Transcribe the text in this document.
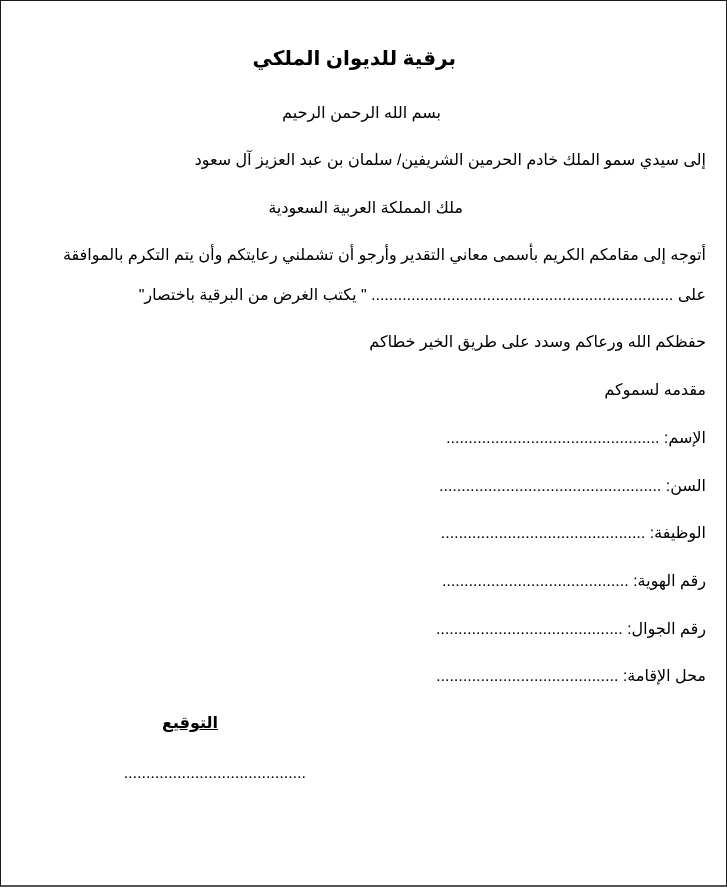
برقية للديوان الملكي
بسم الله الرحمن الرحيم
إلى سيدي سمو الملك خادم الحرمين الشريفين/ سلمان بن عبد العزيز آل سعود
ملك المملكة العربية السعودية
أتوجه إلى مقامكم الكريم بأسمى معاني التقدير وأرجو أن تشملني رعايتكم وأن يتم التكرم بالموافقة
على .................................................................... " يكتب الغرض من البرقية باختصار"
حفظكم الله ورعاكم وسدد على طريق الخير خطاكم
مقدمه لسموكم
الإسم: ................................................
السن: ..................................................
الوظيفة: ..............................................
رقم الهوية: ..........................................
رقم الجوال: ..........................................
محل الإقامة: .........................................
التوقيع
.........................................
